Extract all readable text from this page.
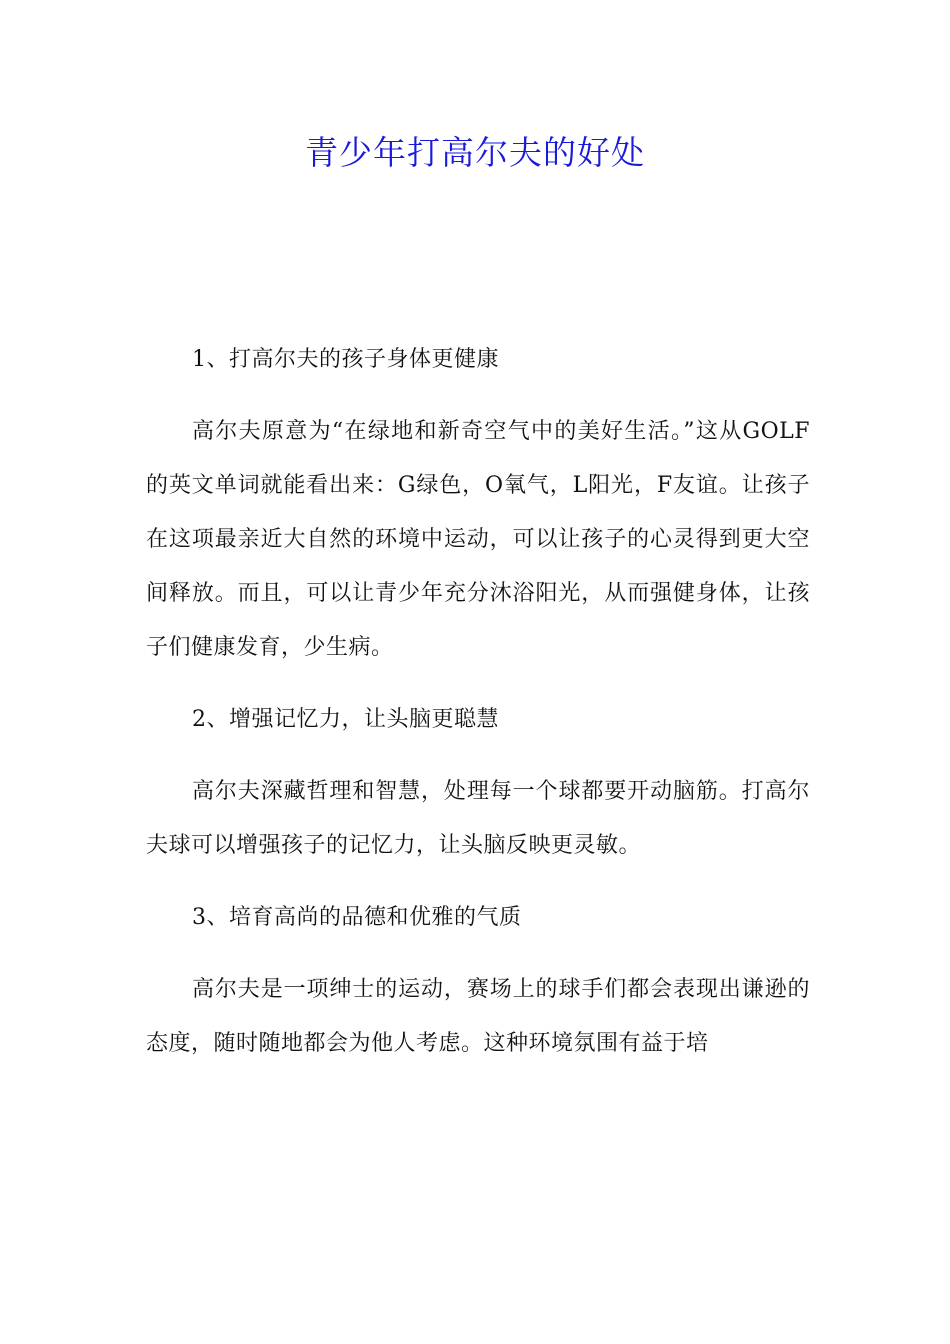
青少年打高尔夫的好处

1、打高尔夫的孩子身体更健康

高尔夫原意为“在绿地和新奇空气中的美好生活。”这从GOLF的英文单词就能看出来：G绿色，O氧气，L阳光，F友谊。让孩子在这项最亲近大自然的环境中运动，可以让孩子的心灵得到更大空间释放。而且，可以让青少年充分沐浴阳光，从而强健身体，让孩子们健康发育，少生病。

2、增强记忆力，让头脑更聪慧

高尔夫深藏哲理和智慧，处理每一个球都要开动脑筋。打高尔夫球可以增强孩子的记忆力，让头脑反映更灵敏。

3、培育高尚的品德和优雅的气质

高尔夫是一项绅士的运动，赛场上的球手们都会表现出谦逊的态度，随时随地都会为他人考虑。这种环境氛围有益于培
